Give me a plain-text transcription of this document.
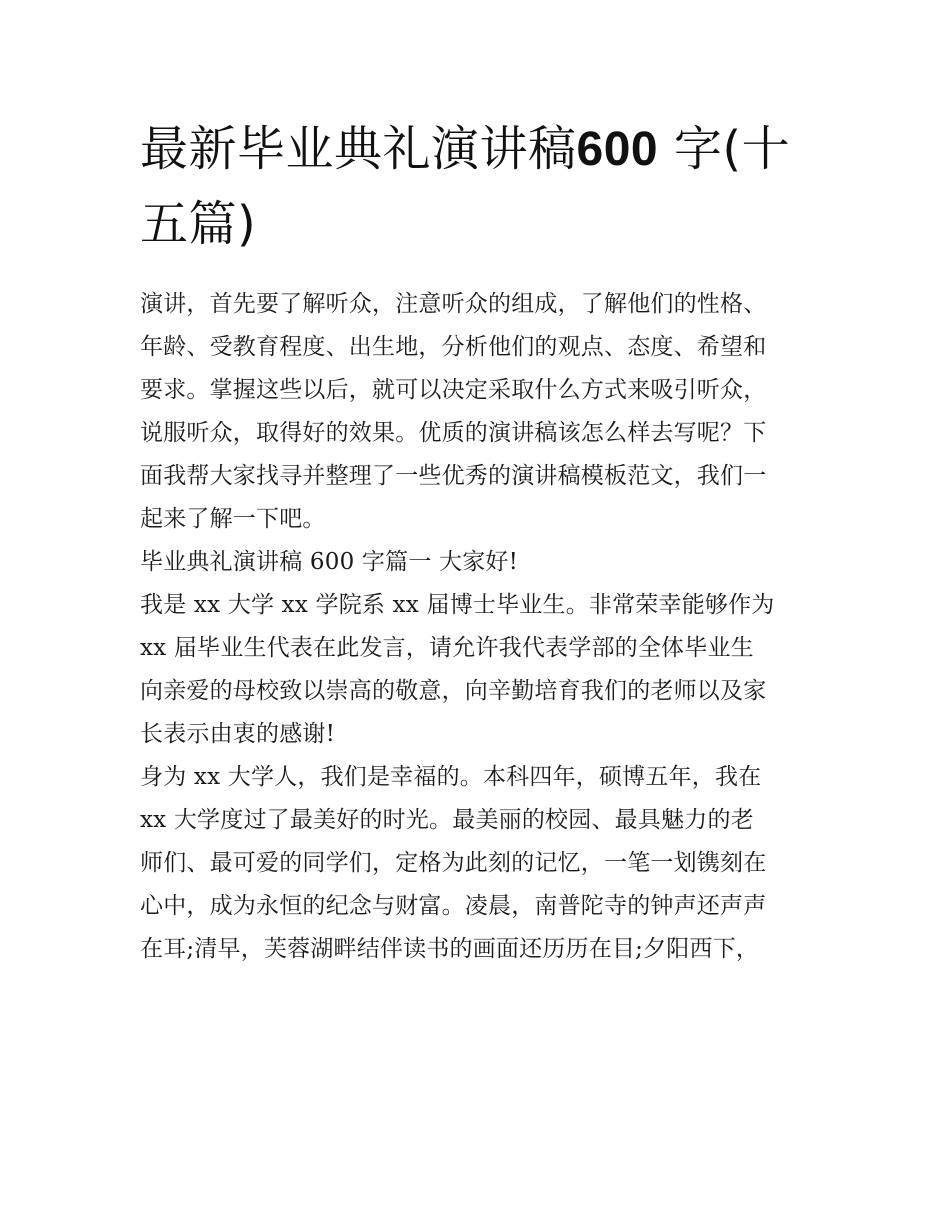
最新毕业典礼演讲稿600 字(十
五篇)

演讲，首先要了解听众，注意听众的组成，了解他们的性格、
年龄、受教育程度、出生地，分析他们的观点、态度、希望和
要求。掌握这些以后，就可以决定采取什么方式来吸引听众，
说服听众，取得好的效果。优质的演讲稿该怎么样去写呢？下
面我帮大家找寻并整理了一些优秀的演讲稿模板范文，我们一
起来了解一下吧。

毕业典礼演讲稿 600 字篇一 大家好!

我是 xx 大学 xx 学院系 xx 届博士毕业生。非常荣幸能够作为
xx 届毕业生代表在此发言，请允许我代表学部的全体毕业生
向亲爱的母校致以崇高的敬意，向辛勤培育我们的老师以及家
长表示由衷的感谢!

身为 xx 大学人，我们是幸福的。本科四年，硕博五年，我在
xx 大学度过了最美好的时光。最美丽的校园、最具魅力的老
师们、最可爱的同学们，定格为此刻的记忆，一笔一划镌刻在
心中，成为永恒的纪念与财富。凌晨，南普陀寺的钟声还声声
在耳;清早，芙蓉湖畔结伴读书的画面还历历在目;夕阳西下，
